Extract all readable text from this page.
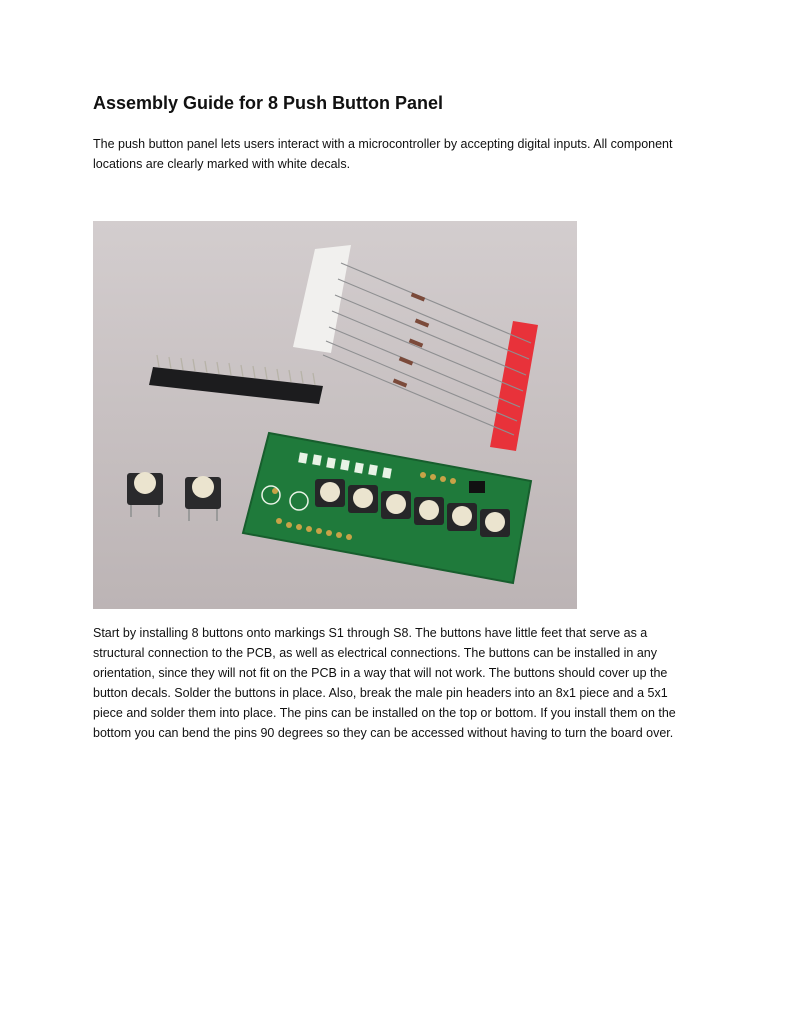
Assembly Guide for 8 Push Button Panel

The push button panel lets users interact with a microcontroller by accepting digital inputs. All component locations are clearly marked with white decals.

Start by installing 8 buttons onto markings S1 through S8. The buttons have little feet that serve as a structural connection to the PCB, as well as electrical connections. The buttons can be installed in any orientation, since they will not fit on the PCB in a way that will not work. The buttons should cover up the button decals. Solder the buttons in place. Also, break the male pin headers into an 8x1 piece and a 5x1 piece and solder them into place. The pins can be installed on the top or bottom. If you install them on the bottom you can bend the pins 90 degrees so they can be accessed without having to turn the board over.
